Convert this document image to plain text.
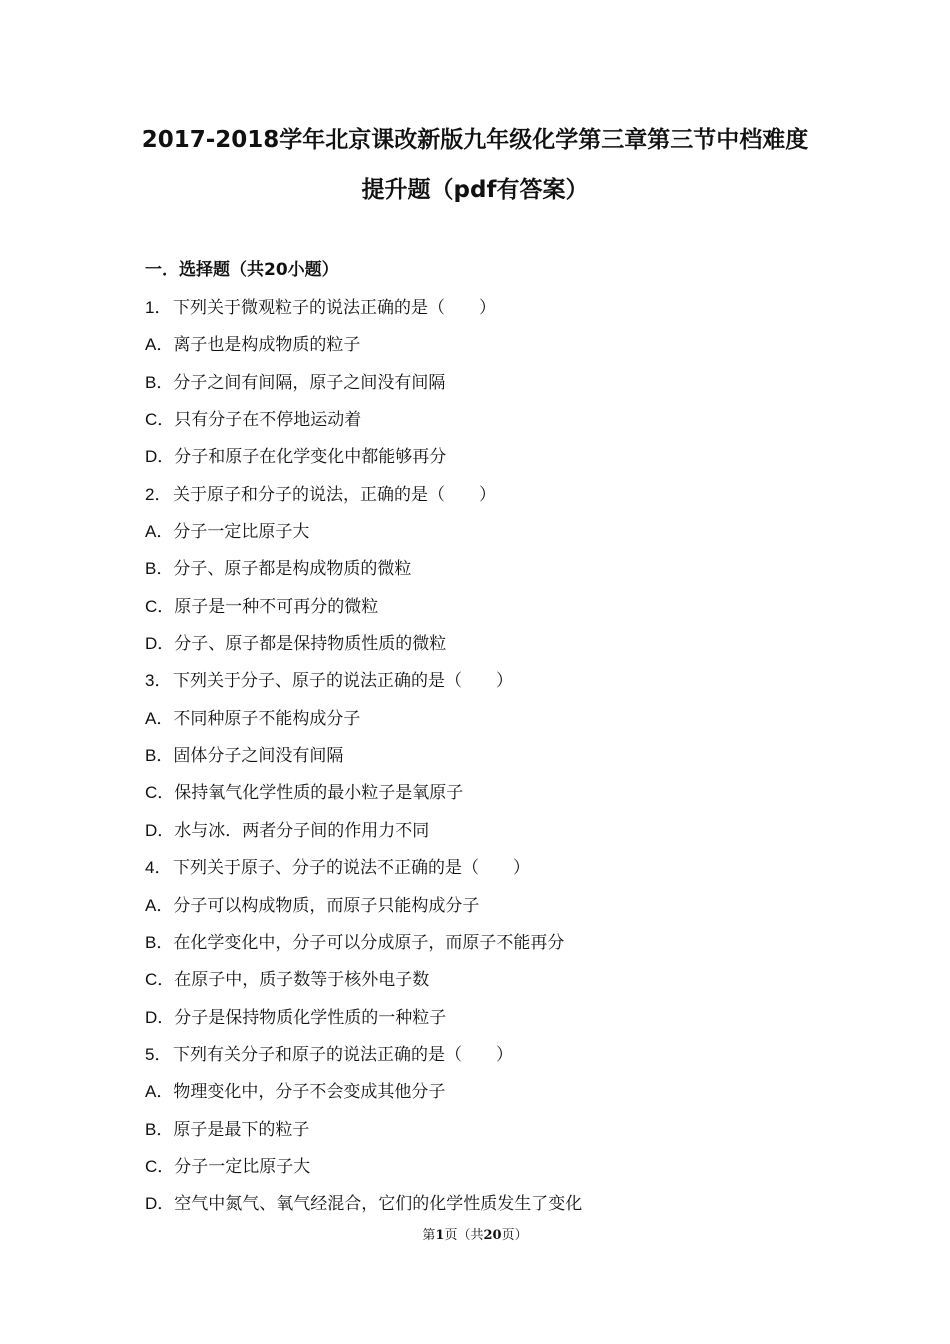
2017-2018学年北京课改新版九年级化学第三章第三节中档难度
提升题（pdf有答案）
一．选择题（共20小题）
1．下列关于微观粒子的说法正确的是（　　）
A．离子也是构成物质的粒子
B．分子之间有间隔，原子之间没有间隔
C．只有分子在不停地运动着
D．分子和原子在化学变化中都能够再分
2．关于原子和分子的说法，正确的是（　　）
A．分子一定比原子大
B．分子、原子都是构成物质的微粒
C．原子是一种不可再分的微粒
D．分子、原子都是保持物质性质的微粒
3．下列关于分子、原子的说法正确的是（　　）
A．不同种原子不能构成分子
B．固体分子之间没有间隔
C．保持氧气化学性质的最小粒子是氧原子
D．水与冰．两者分子间的作用力不同
4．下列关于原子、分子的说法不正确的是（　　）
A．分子可以构成物质，而原子只能构成分子
B．在化学变化中，分子可以分成原子，而原子不能再分
C．在原子中，质子数等于核外电子数
D．分子是保持物质化学性质的一种粒子
5．下列有关分子和原子的说法正确的是（　　）
A．物理变化中，分子不会变成其他分子
B．原子是最下的粒子
C．分子一定比原子大
D．空气中氮气、氧气经混合，它们的化学性质发生了变化
第1页（共20页）
